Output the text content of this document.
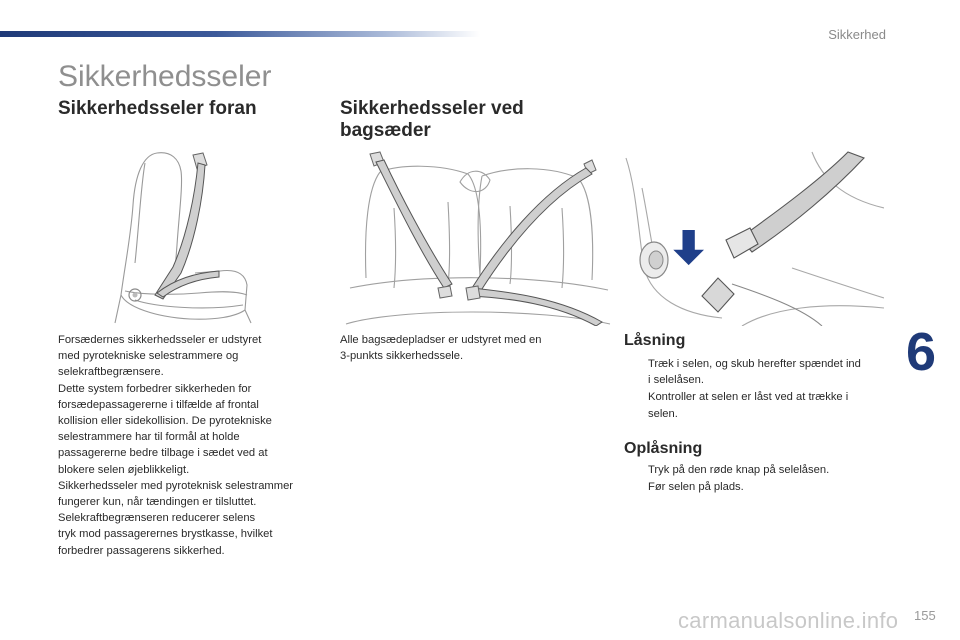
Sikkerhed
Sikkerhedsseler
Sikkerhedsseler foran	Sikkerhedsseler ved
bagsæder

Forsædernes sikkerhedsseler er udstyret
med pyrotekniske selestrammere og
selekraftbegrænsere.
Dette system forbedrer sikkerheden for
forsædepassagererne i tilfælde af frontal
kollision eller sidekollision. De pyrotekniske
selestrammere har til formål at holde
passagererne bedre tilbage i sædet ved at
blokere selen øjeblikkeligt.
Sikkerhedsseler med pyroteknisk selestrammer
fungerer kun, når tændingen er tilsluttet.
Selekraftbegrænseren reducerer selens
tryk mod passagerernes brystkasse, hvilket
forbedrer passagerens sikkerhed.

Alle bagsædepladser er udstyret med en
3-punkts sikkerhedssele.

Låsning
Træk i selen, og skub herefter spændet ind
i selelåsen.
Kontroller at selen er låst ved at trække i
selen.
Oplåsning
Tryk på den røde knap på selelåsen.
Før selen på plads.
6
155
carmanualsonline.info
